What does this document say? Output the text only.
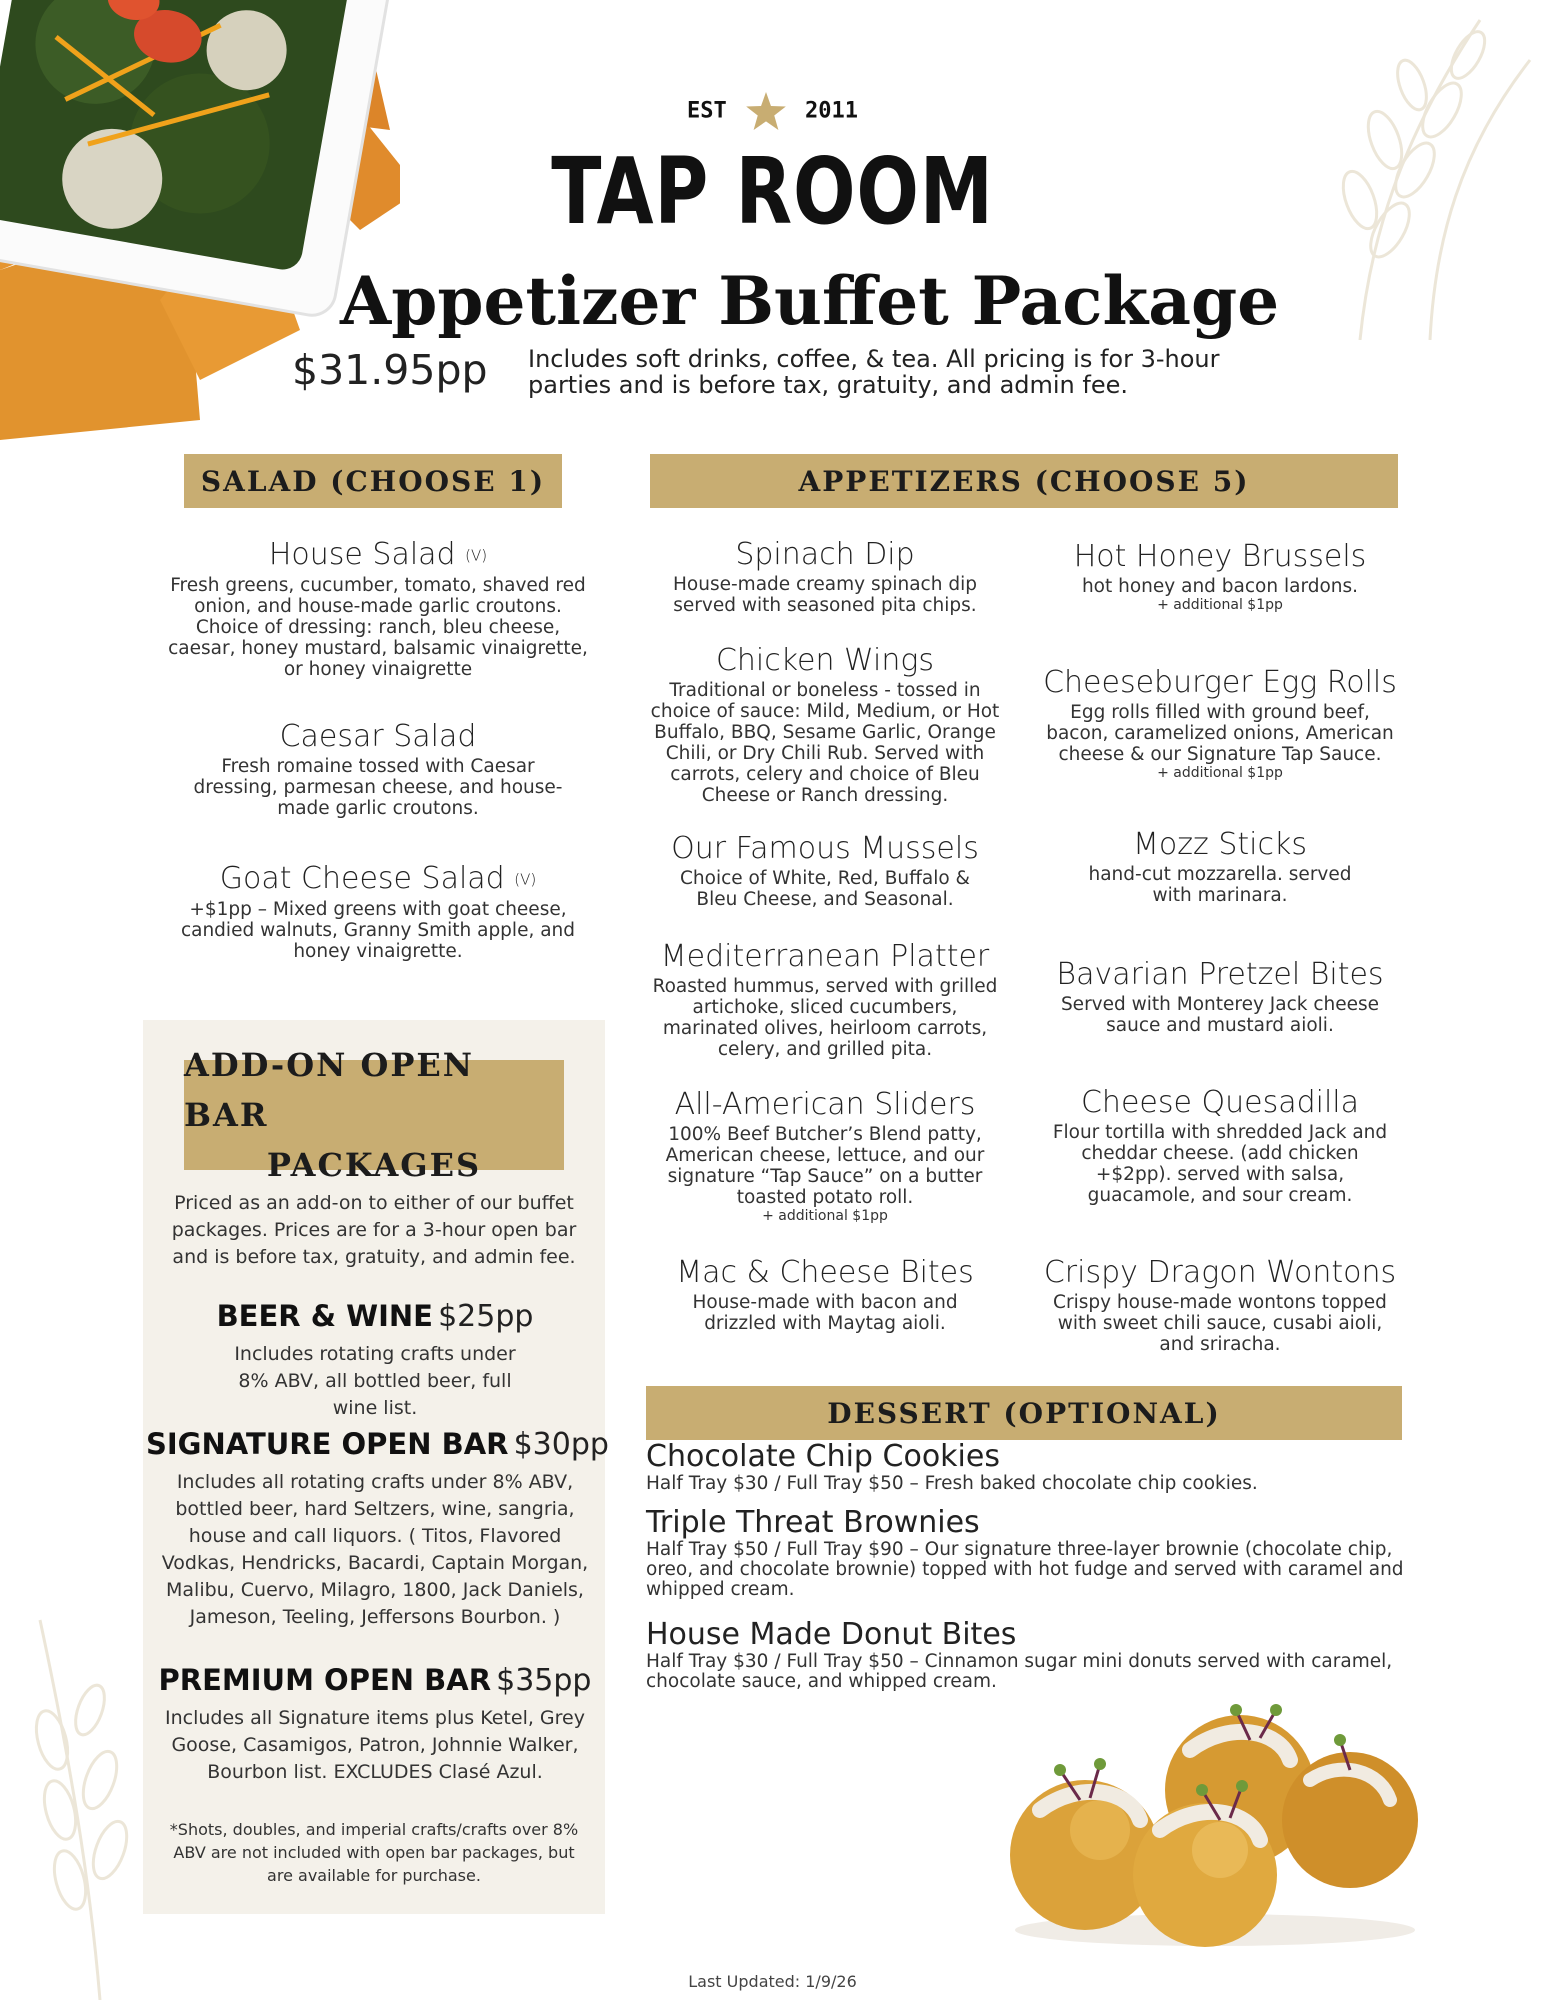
EST	2011
TAP ROOM
Appetizer Buffet Package
$31.95pp Includes soft drinks, coffee, & tea. All pricing is for 3-hour parties and is before tax, gratuity, and admin fee.
SALAD (CHOOSE 1)
House Salad (V)
Fresh greens, cucumber, tomato, shaved red onion, and house-made garlic croutons. Choice of dressing: ranch, bleu cheese, caesar, honey mustard, balsamic vinaigrette, or honey vinaigrette
Caesar Salad
Fresh romaine tossed with Caesar dressing, parmesan cheese, and house-made garlic croutons.
Goat Cheese Salad (V)
+$1pp – Mixed greens with goat cheese, candied walnuts, Granny Smith apple, and honey vinaigrette.
ADD-ON OPEN BAR
PACKAGES
Priced as an add-on to either of our buffet packages. Prices are for a 3-hour open bar and is before tax, gratuity, and admin fee.
BEER & WINE $25pp
Includes rotating crafts under 8% ABV, all bottled beer, full wine list.
SIGNATURE OPEN BAR $30pp
Includes all rotating crafts under 8% ABV, bottled beer, hard Seltzers, wine, sangria, house and call liquors. ( Titos, Flavored Vodkas, Hendricks, Bacardi, Captain Morgan, Malibu, Cuervo, Milagro, 1800, Jack Daniels, Jameson, Teeling, Jeffersons Bourbon. )
PREMIUM OPEN BAR $35pp
Includes all Signature items plus Ketel, Grey Goose, Casamigos, Patron, Johnnie Walker, Bourbon list. EXCLUDES Clasé Azul.
*Shots, doubles, and imperial crafts/crafts over 8% ABV are not included with open bar packages, but are available for purchase.
APPETIZERS (CHOOSE 5)
Spinach Dip
House-made creamy spinach dip served with seasoned pita chips.
Chicken Wings
Traditional or boneless - tossed in choice of sauce: Mild, Medium, or Hot Buffalo, BBQ, Sesame Garlic, Orange Chili, or Dry Chili Rub. Served with carrots, celery and choice of Bleu Cheese or Ranch dressing.
Our Famous Mussels
Choice of White, Red, Buffalo & Bleu Cheese, and Seasonal.
Mediterranean Platter
Roasted hummus, served with grilled artichoke, sliced cucumbers, marinated olives, heirloom carrots, celery, and grilled pita.
All-American Sliders
100% Beef Butcher’s Blend patty, American cheese, lettuce, and our signature “Tap Sauce” on a butter toasted potato roll.
+ additional $1pp
Mac & Cheese Bites
House-made with bacon and drizzled with Maytag aioli.
Hot Honey Brussels
hot honey and bacon lardons.
+ additional $1pp
Cheeseburger Egg Rolls
Egg rolls filled with ground beef, bacon, caramelized onions, American cheese & our Signature Tap Sauce.
+ additional $1pp
Mozz Sticks
hand-cut mozzarella. served with marinara.
Bavarian Pretzel Bites
Served with Monterey Jack cheese sauce and mustard aioli.
Cheese Quesadilla
Flour tortilla with shredded Jack and cheddar cheese. (add chicken +$2pp). served with salsa, guacamole, and sour cream.
Crispy Dragon Wontons
Crispy house-made wontons topped with sweet chili sauce, cusabi aioli, and sriracha.
DESSERT (OPTIONAL)
Chocolate Chip Cookies
Half Tray $30 / Full Tray $50 – Fresh baked chocolate chip cookies.
Triple Threat Brownies
Half Tray $50 / Full Tray $90 – Our signature three-layer brownie (chocolate chip, oreo, and chocolate brownie) topped with hot fudge and served with caramel and whipped cream.
House Made Donut Bites
Half Tray $30 / Full Tray $50 – Cinnamon sugar mini donuts served with caramel, chocolate sauce, and whipped cream.
Last Updated: 1/9/26
